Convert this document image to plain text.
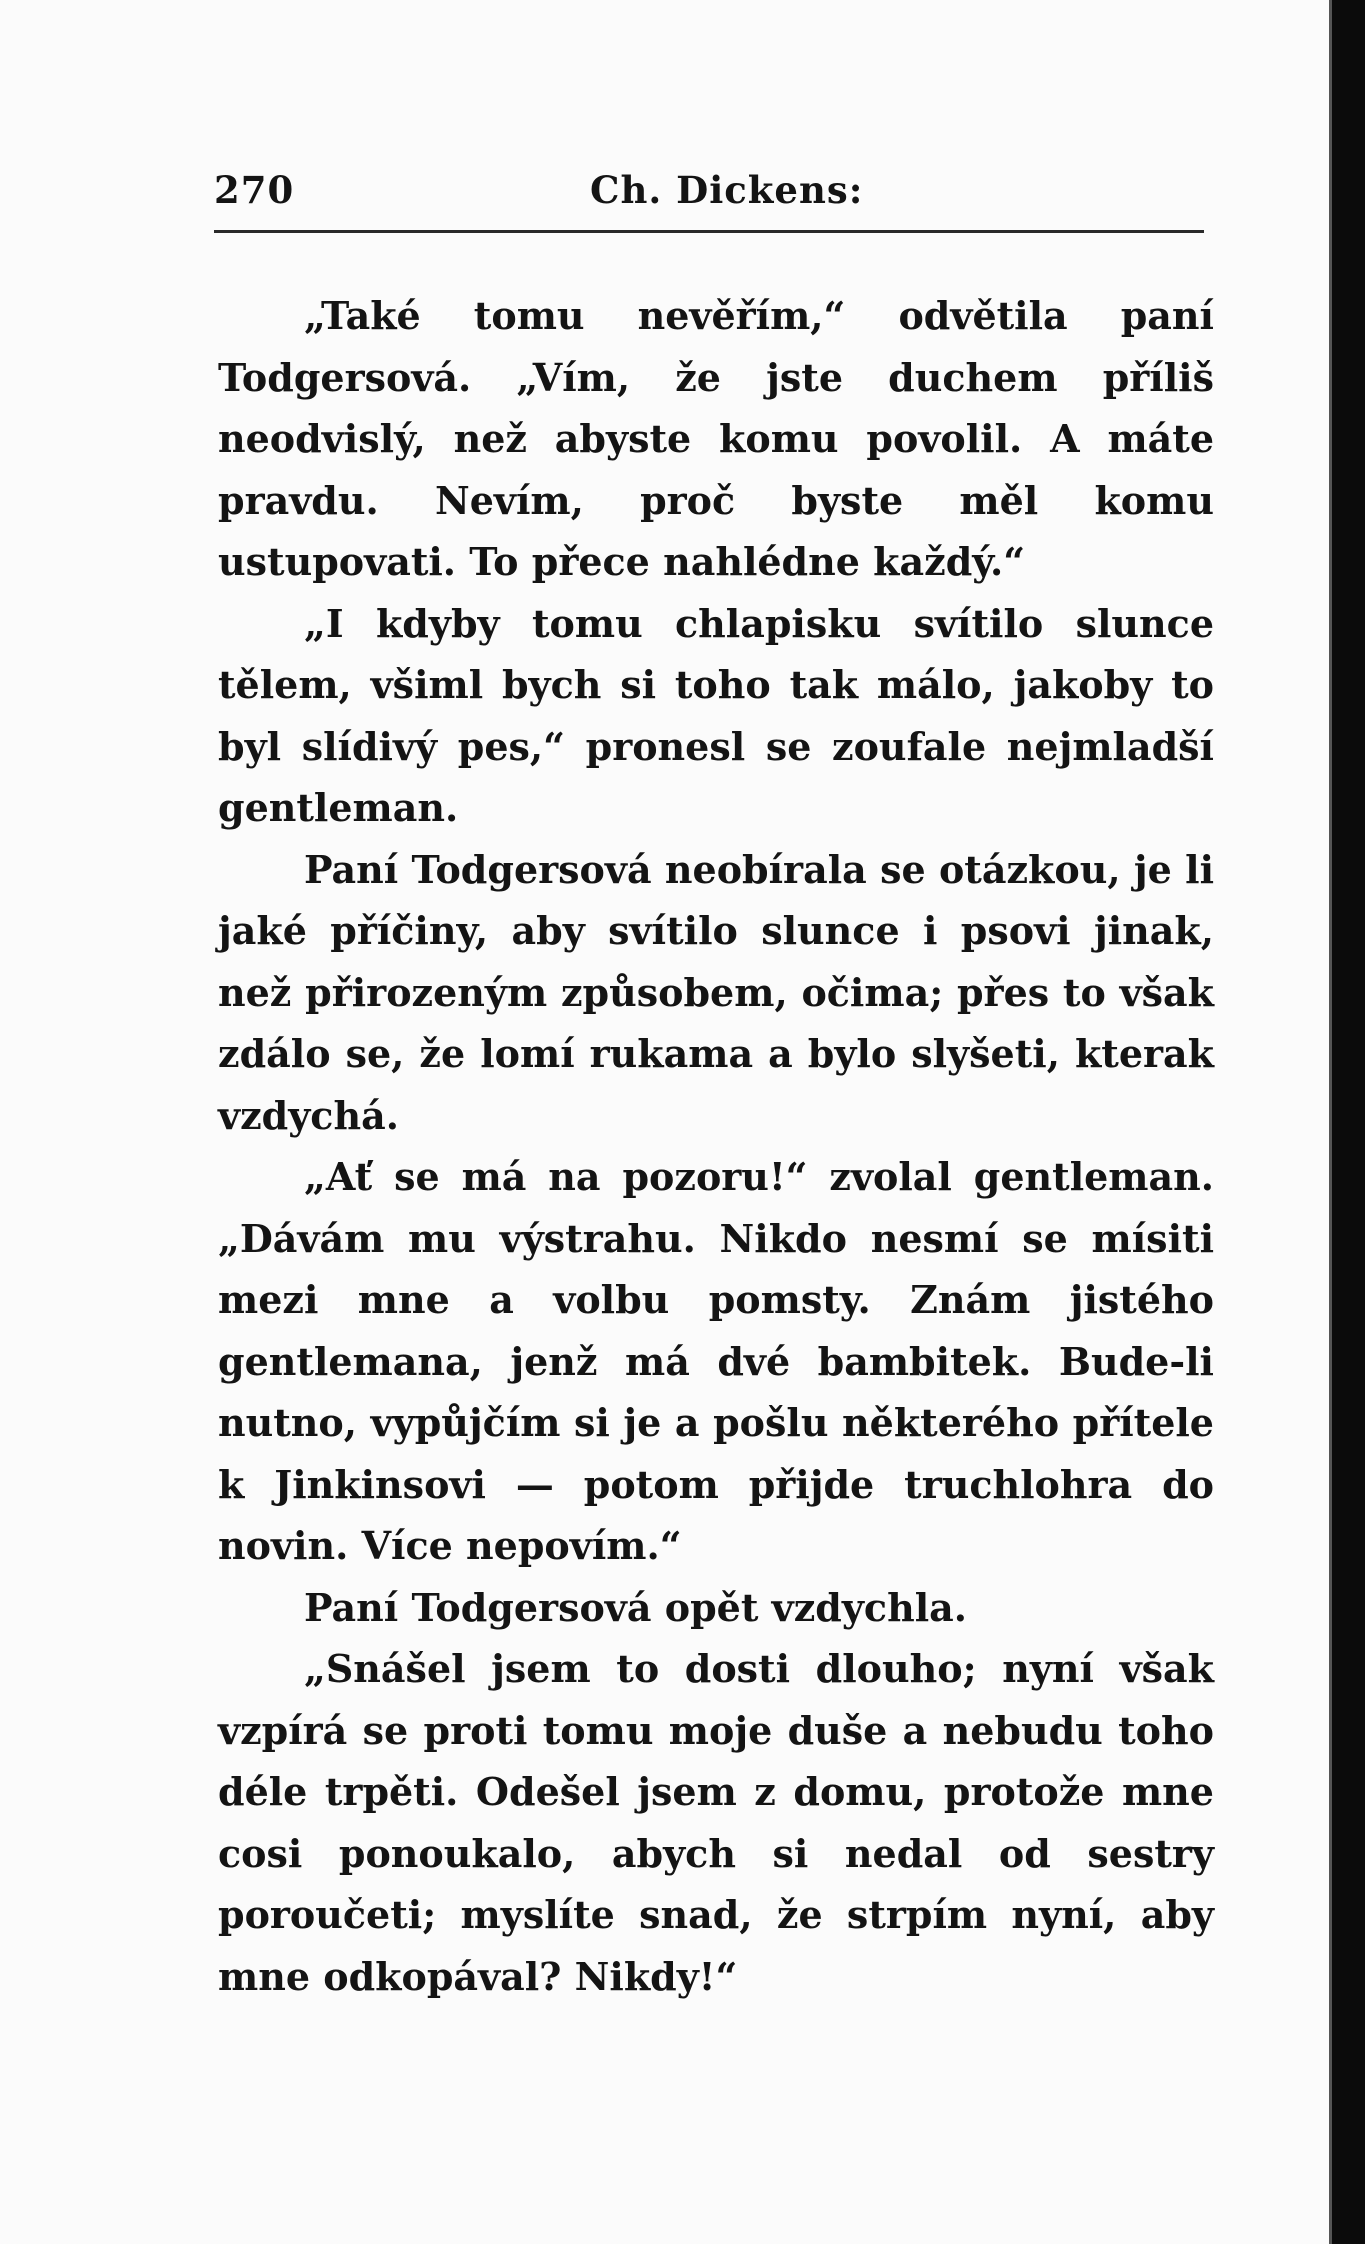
270	Ch. Dickens:

„Také tomu nevěřím,“ odvětila paní Todgersová. „Vím, že jste duchem příliš neodvislý, než abyste komu povolil. A máte pravdu. Nevím, proč byste měl komu ustupovati. To přece nahlédne každý.“

„I kdyby tomu chlapisku svítilo slunce tělem, všiml bych si toho tak málo, jakoby to byl slídivý pes,“ pronesl se zoufale nejmladší gentleman.

Paní Todgersová neobírala se otázkou, je li jaké příčiny, aby svítilo slunce i psovi jinak, než přirozeným způsobem, očima; přes to však zdálo se, že lomí rukama a bylo slyšeti, kterak vzdychá.

„Ať se má na pozoru!“ zvolal gentleman. „Dávám mu výstrahu. Nikdo nesmí se mísiti mezi mne a volbu pomsty. Znám jistého gentlemana, jenž má dvé bambitek. Bude-li nutno, vypůjčím si je a pošlu některého přítele k Jinkinsovi — potom přijde truchlohra do novin. Více nepovím.“

Paní Todgersová opět vzdychla.

„Snášel jsem to dosti dlouho; nyní však vzpírá se proti tomu moje duše a nebudu toho déle trpěti. Odešel jsem z domu, protože mne cosi ponoukalo, abych si nedal od sestry poroučeti; myslíte snad, že strpím nyní, aby mne odkopával? Nikdy!“
